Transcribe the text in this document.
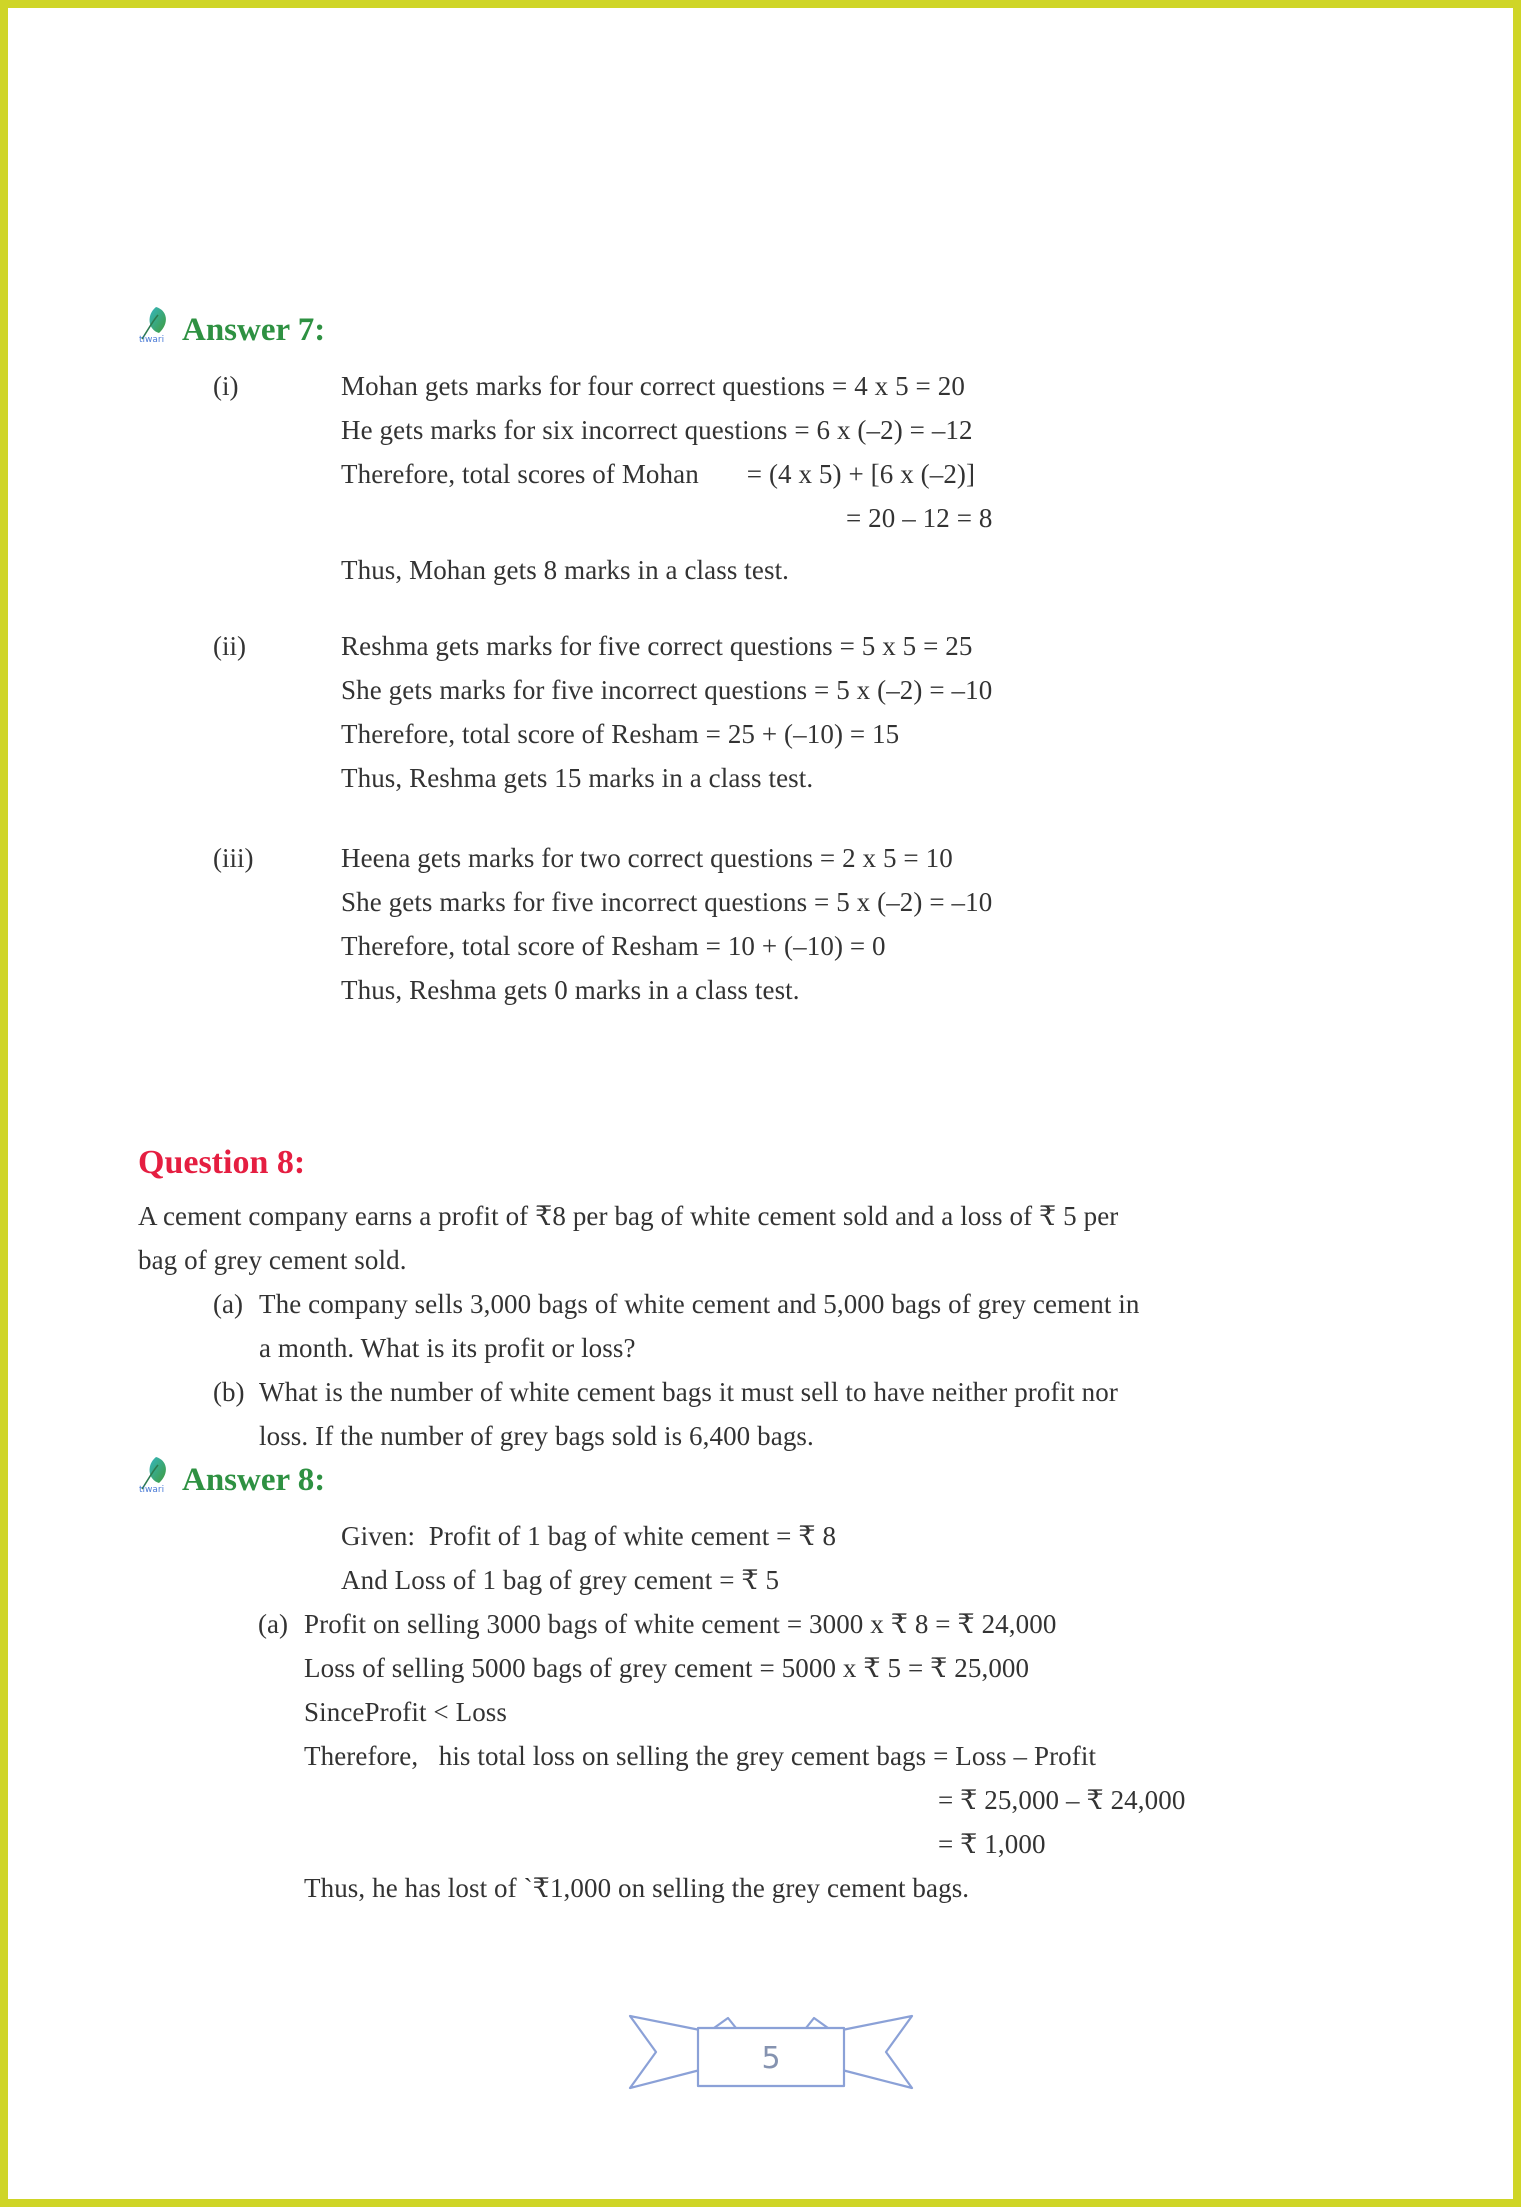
tiwari Answer 7:
(i)	Mohan gets marks for four correct questions = 4 x 5 = 20
He gets marks for six incorrect questions = 6 x (–2) = –12
Therefore, total scores of Mohan       = (4 x 5) + [6 x (–2)]
= 20 – 12 = 8
Thus, Mohan gets 8 marks in a class test.
(ii)	Reshma gets marks for five correct questions = 5 x 5 = 25
She gets marks for five incorrect questions = 5 x (–2) = –10
Therefore, total score of Resham = 25 + (–10) = 15
Thus, Reshma gets 15 marks in a class test.
(iii)	Heena gets marks for two correct questions = 2 x 5 = 10
She gets marks for five incorrect questions = 5 x (–2) = –10
Therefore, total score of Resham = 10 + (–10) = 0
Thus, Reshma gets 0 marks in a class test.
Question 8:
A cement company earns a profit of ₹8 per bag of white cement sold and a loss of ₹ 5 per
bag of grey cement sold.
(a) The company sells 3,000 bags of white cement and 5,000 bags of grey cement in
a month. What is its profit or loss?
(b) What is the number of white cement bags it must sell to have neither profit nor
loss. If the number of grey bags sold is 6,400 bags.
tiwari Answer 8:
Given:  Profit of 1 bag of white cement = ₹ 8
And Loss of 1 bag of grey cement = ₹ 5
(a) Profit on selling 3000 bags of white cement = 3000 x ₹ 8 = ₹ 24,000
Loss of selling 5000 bags of grey cement = 5000 x ₹ 5 = ₹ 25,000
SinceProfit < Loss
Therefore,   his total loss on selling the grey cement bags = Loss – Profit
= ₹ 25,000 – ₹ 24,000
= ₹ 1,000
Thus, he has lost of `₹1,000 on selling the grey cement bags.
5
